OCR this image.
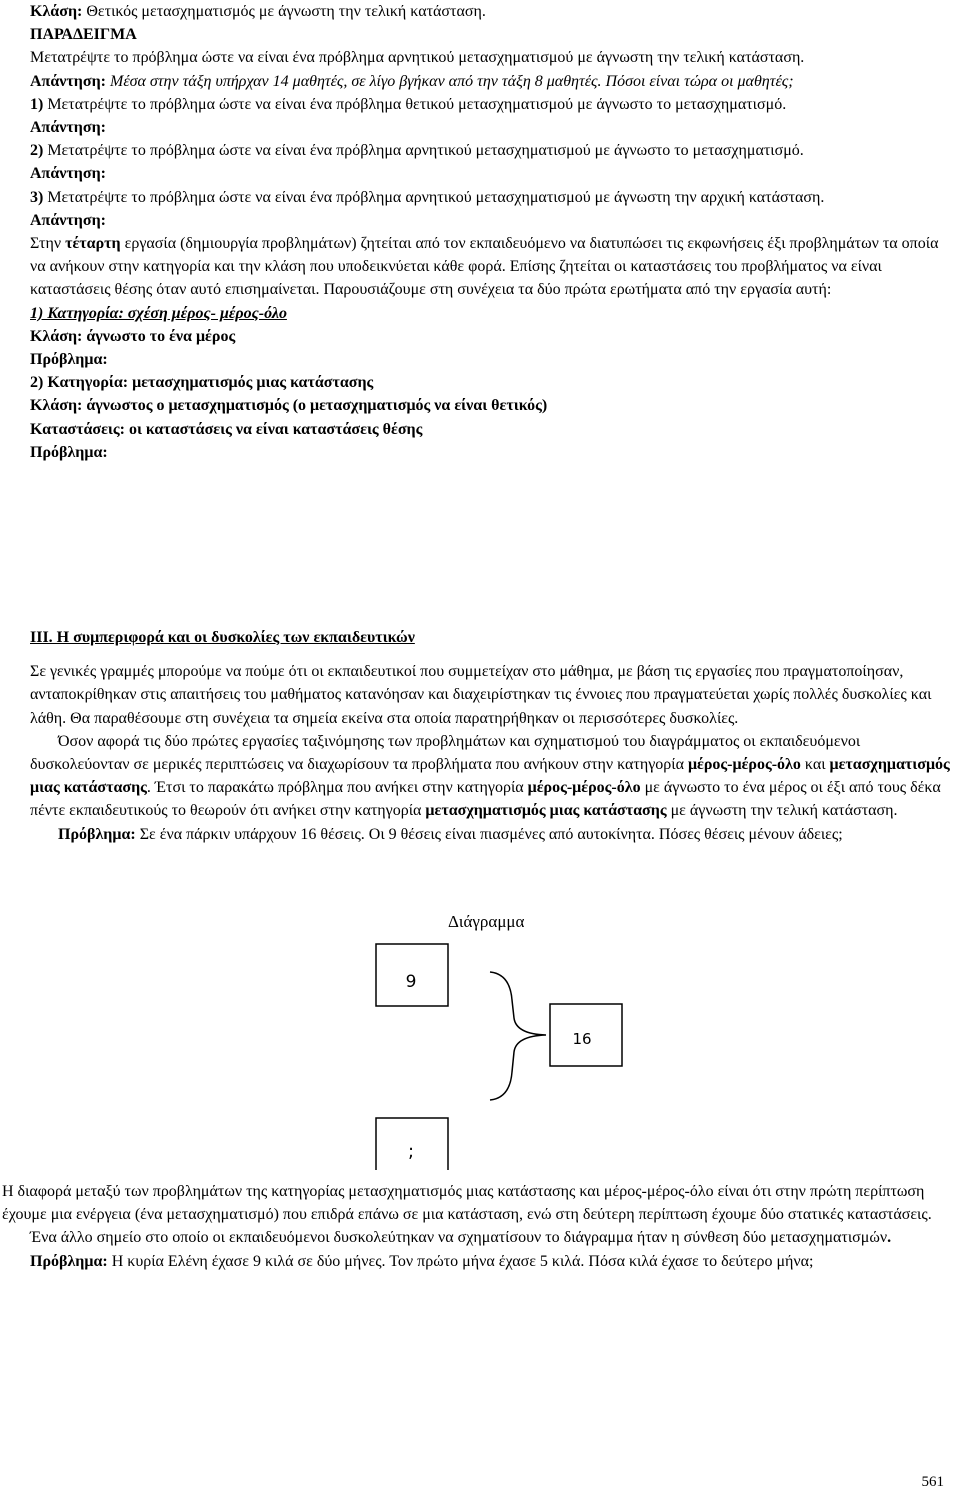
Κλάση: Θετικός μετασχηματισμός με άγνωστη την τελική κατάσταση.

ΠΑΡΑΔΕΙΓΜΑ

Μετατρέψτε το πρόβλημα ώστε να είναι ένα πρόβλημα αρνητικού μετασχηματισμού με άγνωστη την τελική κατάσταση.

Απάντηση: Μέσα στην τάξη υπήρχαν 14 μαθητές, σε λίγο βγήκαν από την τάξη 8 μαθητές. Πόσοι είναι τώρα οι μαθητές;

1) Μετατρέψτε το πρόβλημα ώστε να είναι ένα πρόβλημα θετικού μετασχηματισμού με άγνωστο το μετασχηματισμό.

Απάντηση:

2) Μετατρέψτε το πρόβλημα ώστε να είναι ένα πρόβλημα αρνητικού μετασχηματισμού με άγνωστο το μετασχηματισμό.

Απάντηση:

3) Μετατρέψτε το πρόβλημα ώστε να είναι ένα πρόβλημα αρνητικού μετασχηματισμού με άγνωστη την αρχική κατάσταση.

Απάντηση:

Στην τέταρτη εργασία (δημιουργία προβλημάτων) ζητείται από τον εκπαιδευόμενο να διατυπώσει τις εκφωνήσεις έξι προβλημάτων τα οποία να ανήκουν στην κατηγορία και την κλάση που υποδεικνύεται κάθε φορά. Επίσης ζητείται οι καταστάσεις του προβλήματος να είναι καταστάσεις θέσης όταν αυτό επισημαίνεται. Παρουσιάζουμε στη συνέχεια τα δύο πρώτα ερωτήματα από την εργασία αυτή:

1) Κατηγορία: σχέση μέρος- μέρος-όλο

Κλάση: άγνωστο το ένα μέρος

Πρόβλημα:

2) Κατηγορία: μετασχηματισμός μιας κατάστασης

Κλάση: άγνωστος ο μετασχηματισμός (ο μετασχηματισμός να είναι θετικός)

Καταστάσεις: οι καταστάσεις να είναι καταστάσεις θέσης

Πρόβλημα:

ΙΙΙ. Η συμπεριφορά και οι δυσκολίες των εκπαιδευτικών

Σε γενικές γραμμές μπορούμε να πούμε ότι οι εκπαιδευτικοί που συμμετείχαν στο μάθημα, με βάση τις εργασίες που πραγματοποίησαν, ανταποκρίθηκαν στις απαιτήσεις του μαθήματος κατανόησαν και διαχειρίστηκαν τις έννοιες που πραγματεύεται χωρίς πολλές δυσκολίες και λάθη. Θα παραθέσουμε στη συνέχεια τα σημεία εκείνα στα οποία παρατηρήθηκαν οι περισσότερες δυσκολίες.

Όσον αφορά τις δύο πρώτες εργασίες ταξινόμησης των προβλημάτων και σχηματισμού του διαγράμματος οι εκπαιδευόμενοι δυσκολεύονταν σε μερικές περιπτώσεις να διαχωρίσουν τα προβλήματα που ανήκουν στην κατηγορία μέρος-μέρος-όλο και μετασχηματισμός μιας κατάστασης. Έτσι το παρακάτω πρόβλημα που ανήκει στην κατηγορία μέρος-μέρος-όλο με άγνωστο το ένα μέρος οι έξι από τους δέκα πέντε εκπαιδευτικούς το θεωρούν ότι ανήκει στην κατηγορία μετασχηματισμός μιας κατάστασης με άγνωστη την τελική κατάσταση.

Πρόβλημα: Σε ένα πάρκιν υπάρχουν 16 θέσεις. Οι 9 θέσεις είναι πιασμένες από αυτοκίνητα. Πόσες θέσεις μένουν άδειες;

Διάγραμμα
9
16
;

Η διαφορά μεταξύ των προβλημάτων της κατηγορίας μετασχηματισμός μιας κατάστασης και μέρος-μέρος-όλο είναι ότι στην πρώτη περίπτωση έχουμε μια ενέργεια (ένα μετασχηματισμό) που επιδρά επάνω σε μια κατάσταση, ενώ στη δεύτερη περίπτωση έχουμε δύο στατικές καταστάσεις.

Ένα άλλο σημείο στο οποίο οι εκπαιδευόμενοι δυσκολεύτηκαν να σχηματίσουν το διάγραμμα ήταν η σύνθεση δύο μετασχηματισμών.

Πρόβλημα: Η κυρία Ελένη έχασε 9 κιλά σε δύο μήνες. Τον πρώτο μήνα έχασε 5 κιλά. Πόσα κιλά έχασε το δεύτερο μήνα;

561
